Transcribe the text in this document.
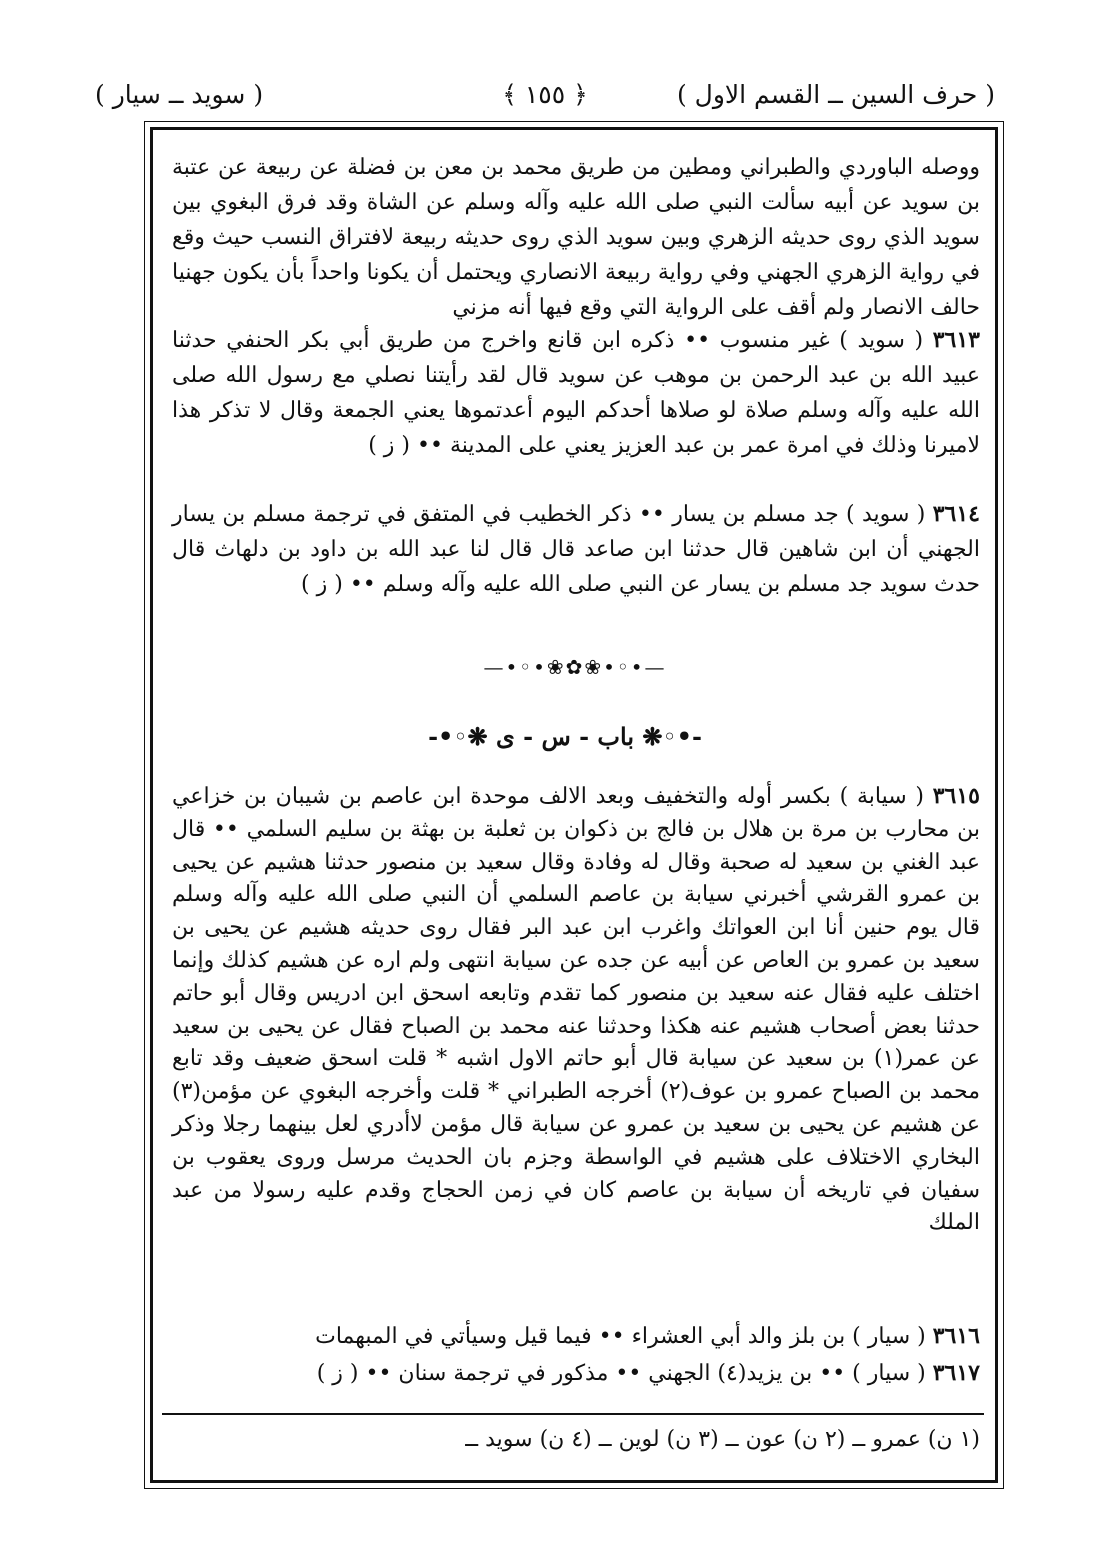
( حرف السين ــ القسم الاول )
﴿ ١٥٥ ﴾
( سويد ــ سيار )

ووصله الباوردي والطبراني ومطين من طريق محمد بن معن بن فضلة عن ربيعة عن عتبة بن سويد عن أبيه سألت النبي صلى الله عليه وآله وسلم عن الشاة وقد فرق البغوي بين سويد الذي روى حديثه الزهري وبين سويد الذي روى حديثه ربيعة لافتراق النسب حيث وقع في رواية الزهري الجهني وفي رواية ربيعة الانصاري ويحتمل أن يكونا واحداً بأن يكون جهنيا حالف الانصار ولم أقف على الرواية التي وقع فيها أنه مزني

٣٦١٣ ( سويد ) غير منسوب •• ذكره ابن قانع واخرج من طريق أبي بكر الحنفي حدثنا عبيد الله بن عبد الرحمن بن موهب عن سويد قال لقد رأيتنا نصلي مع رسول الله صلى الله عليه وآله وسلم صلاة لو صلاها أحدكم اليوم أعدتموها يعني الجمعة وقال لا تذكر هذا لاميرنا وذلك في امرة عمر بن عبد العزيز يعني على المدينة •• ( ز )

٣٦١٤ ( سويد ) جد مسلم بن يسار •• ذكر الخطيب في المتفق في ترجمة مسلم بن يسار الجهني أن ابن شاهين قال حدثنا ابن صاعد قال قال لنا عبد الله بن داود بن دلهاث قال حدث سويد جد مسلم بن يسار عن النبي صلى الله عليه وآله وسلم •• ( ز )

—•◦•❀✿❀•◦•—
-•◦❋ باب - س - ى ❋◦•-

٣٦١٥ ( سيابة ) بكسر أوله والتخفيف وبعد الالف موحدة ابن عاصم بن شيبان بن خزاعي بن محارب بن مرة بن هلال بن فالج بن ذكوان بن ثعلبة بن بهثة بن سليم السلمي •• قال عبد الغني بن سعيد له صحبة وقال له وفادة وقال سعيد بن منصور حدثنا هشيم عن يحيى بن عمرو القرشي أخبرني سيابة بن عاصم السلمي أن النبي صلى الله عليه وآله وسلم قال يوم حنين أنا ابن العواتك واغرب ابن عبد البر فقال روى حديثه هشيم عن يحيى بن سعيد بن عمرو بن العاص عن أبيه عن جده عن سيابة انتهى ولم اره عن هشيم كذلك وإنما اختلف عليه فقال عنه سعيد بن منصور كما تقدم وتابعه اسحق ابن ادريس وقال أبو حاتم حدثنا بعض أصحاب هشيم عنه هكذا وحدثنا عنه محمد بن الصباح فقال عن يحيى بن سعيد عن عمر(١) بن سعيد عن سيابة قال أبو حاتم الاول اشبه * قلت اسحق ضعيف وقد تابع محمد بن الصباح عمرو بن عوف(٢) أخرجه الطبراني * قلت وأخرجه البغوي عن مؤمن(٣) عن هشيم عن يحيى بن سعيد بن عمرو عن سيابة قال مؤمن لاأدري لعل بينهما رجلا وذكر البخاري الاختلاف على هشيم في الواسطة وجزم بان الحديث مرسل وروى يعقوب بن سفيان في تاريخه أن سيابة بن عاصم كان في زمن الحجاج وقدم عليه رسولا من عبد الملك

٣٦١٦ ( سيار ) بن بلز والد أبي العشراء •• فيما قيل وسيأتي في المبهمات

٣٦١٧ ( سيار ) •• بن يزيد(٤) الجهني •• مذكور في ترجمة سنان •• ( ز )

(١ ن) عمرو ــ (٢ ن) عون ــ (٣ ن) لوين ــ (٤ ن) سويد ــ
